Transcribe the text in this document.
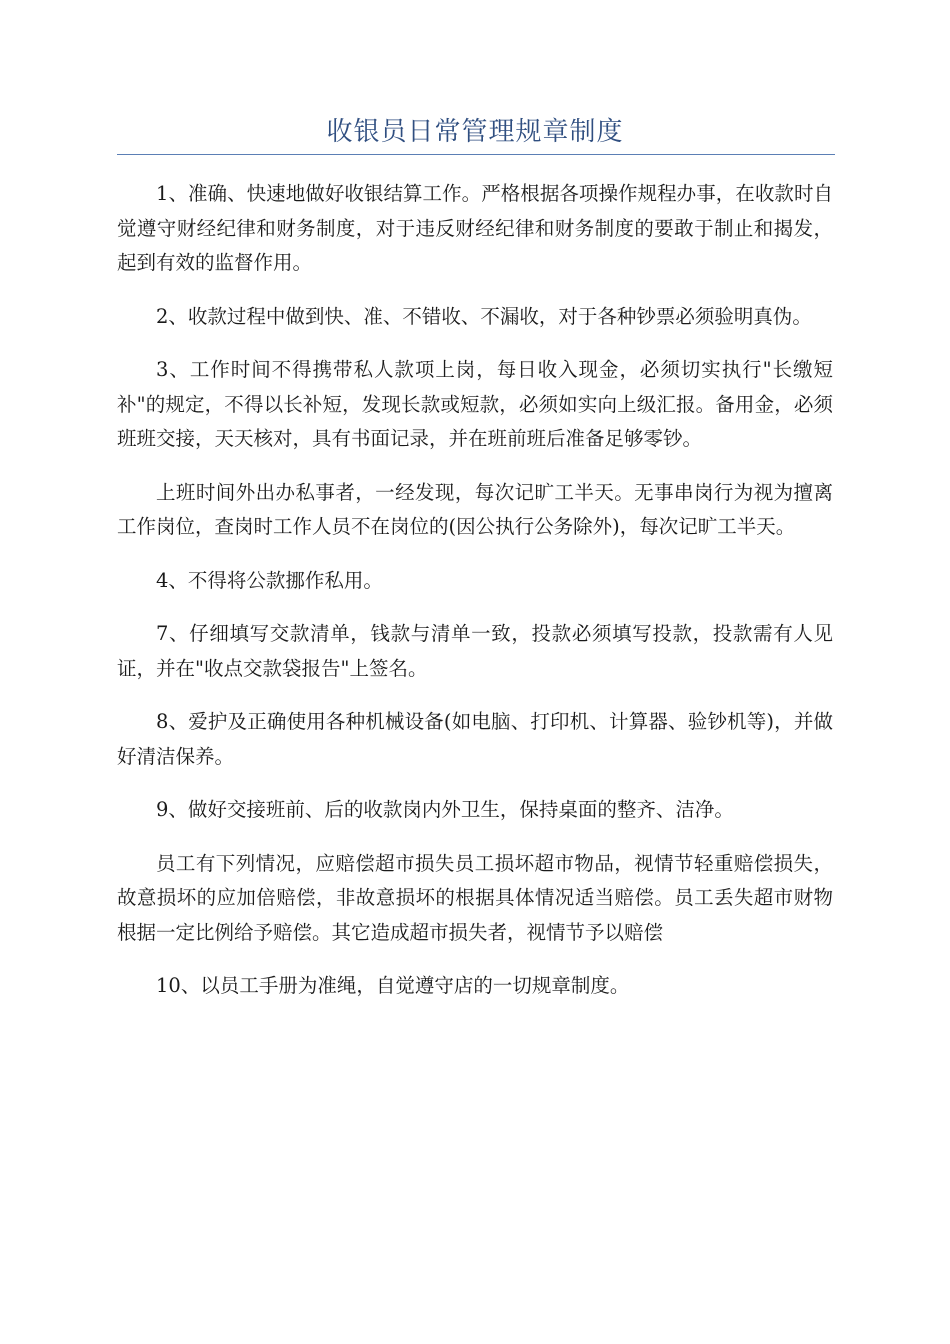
收银员日常管理规章制度

1、准确、快速地做好收银结算工作。严格根据各项操作规程办事，在收款时自觉遵守财经纪律和财务制度，对于违反财经纪律和财务制度的要敢于制止和揭发，起到有效的监督作用。

2、收款过程中做到快、准、不错收、不漏收，对于各种钞票必须验明真伪。

3、工作时间不得携带私人款项上岗，每日收入现金，必须切实执行"长缴短补"的规定，不得以长补短，发现长款或短款，必须如实向上级汇报。备用金，必须班班交接，天天核对，具有书面记录，并在班前班后准备足够零钞。

上班时间外出办私事者，一经发现，每次记旷工半天。无事串岗行为视为擅离工作岗位，查岗时工作人员不在岗位的(因公执行公务除外)，每次记旷工半天。

4、不得将公款挪作私用。

7、仔细填写交款清单，钱款与清单一致，投款必须填写投款，投款需有人见证，并在"收点交款袋报告"上签名。

8、爱护及正确使用各种机械设备(如电脑、打印机、计算器、验钞机等)，并做好清洁保养。

9、做好交接班前、后的收款岗内外卫生，保持桌面的整齐、洁净。

员工有下列情况，应赔偿超市损失员工损坏超市物品，视情节轻重赔偿损失，故意损坏的应加倍赔偿，非故意损坏的根据具体情况适当赔偿。员工丢失超市财物根据一定比例给予赔偿。其它造成超市损失者，视情节予以赔偿

10、以员工手册为准绳，自觉遵守店的一切规章制度。
